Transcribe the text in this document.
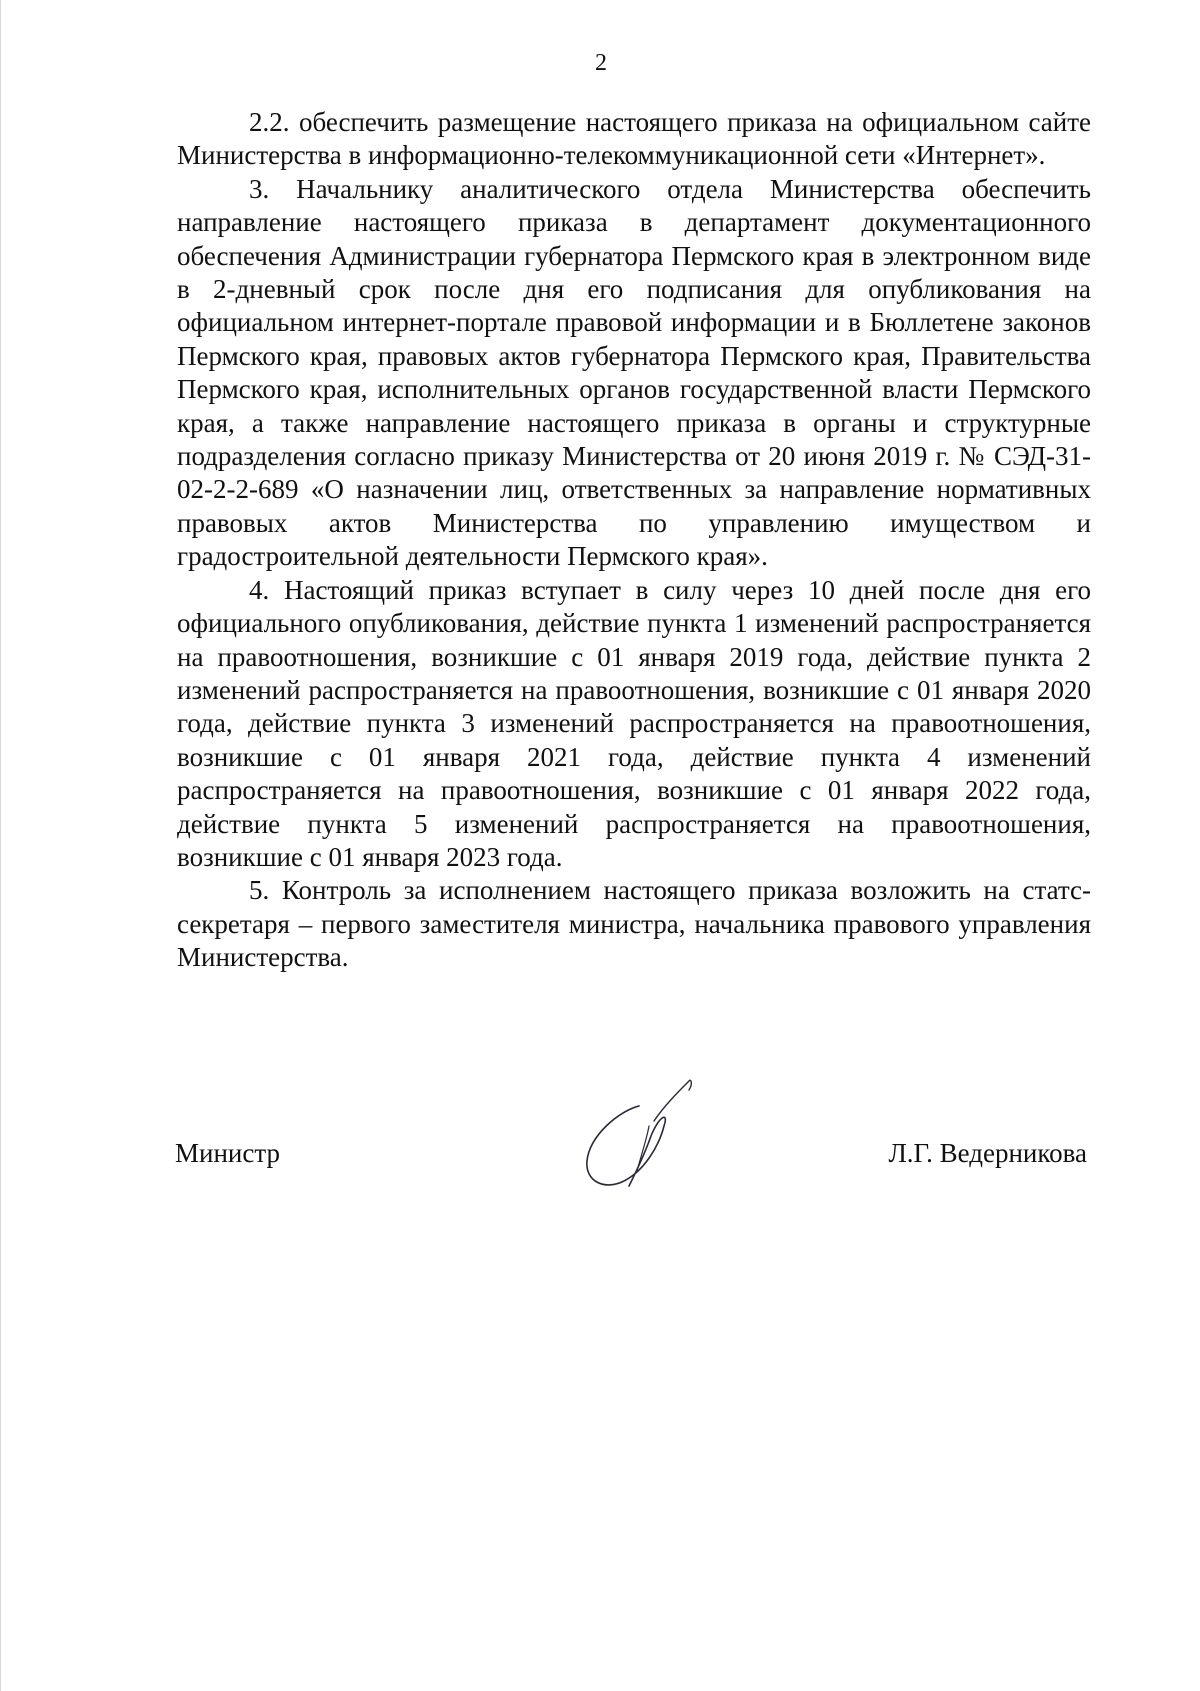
2

2.2. обеспечить размещение настоящего приказа на официальном сайте Министерства в информационно-телекоммуникационной сети «Интернет».

3. Начальнику аналитического отдела Министерства обеспечить направление настоящего приказа в департамент документационного обеспечения Администрации губернатора Пермского края в электронном виде в 2-дневный срок после дня его подписания для опубликования на официальном интернет-портале правовой информации и в Бюллетене законов Пермского края, правовых актов губернатора Пермского края, Правительства Пермского края, исполнительных органов государственной власти Пермского края, а также направление настоящего приказа в органы и структурные подразделения согласно приказу Министерства от 20 июня 2019 г. № СЭД-31-02-2-2-689 «О назначении лиц, ответственных за направление нормативных правовых актов Министерства по управлению имуществом и градостроительной деятельности Пермского края».

4. Настоящий приказ вступает в силу через 10 дней после дня его официального опубликования, действие пункта 1 изменений распространяется на правоотношения, возникшие с 01 января 2019 года, действие пункта 2 изменений распространяется на правоотношения, возникшие с 01 января 2020 года, действие пункта 3 изменений распространяется на правоотношения, возникшие с 01 января 2021 года, действие пункта 4 изменений распространяется на правоотношения, возникшие с 01 января 2022 года, действие пункта 5 изменений распространяется на правоотношения, возникшие с 01 января 2023 года.

5. Контроль за исполнением настоящего приказа возложить на статс-секретаря – первого заместителя министра, начальника правового управления Министерства.

Министр	Л.Г. Ведерникова
